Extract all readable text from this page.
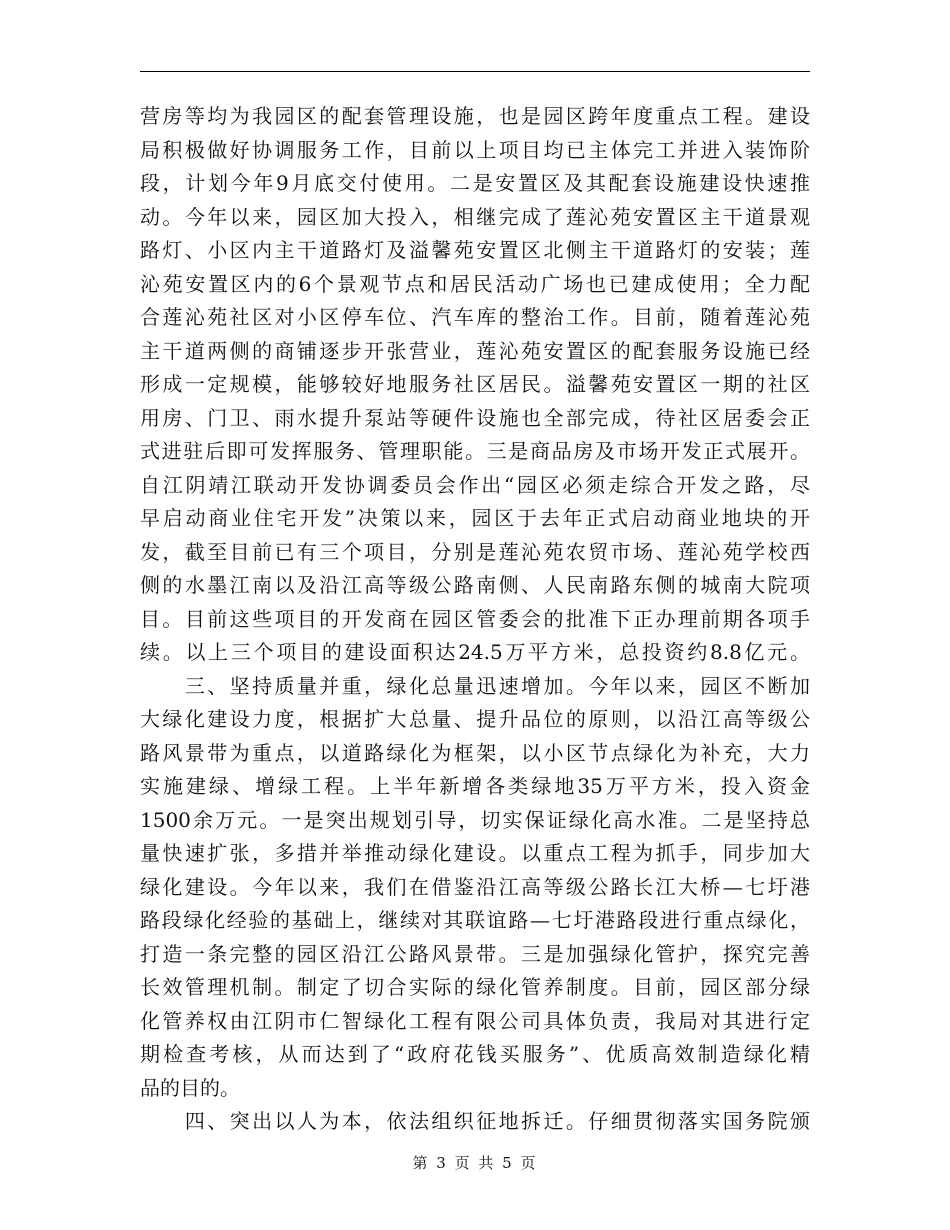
营房等均为我园区的配套管理设施，也是园区跨年度重点工程。建设
局积极做好协调服务工作，目前以上项目均已主体完工并进入装饰阶
段，计划今年9月底交付使用。二是安置区及其配套设施建设快速推
动。今年以来，园区加大投入，相继完成了莲沁苑安置区主干道景观
路灯、小区内主干道路灯及溢馨苑安置区北侧主干道路灯的安装；莲
沁苑安置区内的6个景观节点和居民活动广场也已建成使用；全力配
合莲沁苑社区对小区停车位、汽车库的整治工作。目前，随着莲沁苑
主干道两侧的商铺逐步开张营业，莲沁苑安置区的配套服务设施已经
形成一定规模，能够较好地服务社区居民。溢馨苑安置区一期的社区
用房、门卫、雨水提升泵站等硬件设施也全部完成，待社区居委会正
式进驻后即可发挥服务、管理职能。三是商品房及市场开发正式展开。
自江阴靖江联动开发协调委员会作出“园区必须走综合开发之路，尽
早启动商业住宅开发”决策以来，园区于去年正式启动商业地块的开
发，截至目前已有三个项目，分别是莲沁苑农贸市场、莲沁苑学校西
侧的水墨江南以及沿江高等级公路南侧、人民南路东侧的城南大院项
目。目前这些项目的开发商在园区管委会的批准下正办理前期各项手
续。以上三个项目的建设面积达24.5万平方米，总投资约8.8亿元。
　　三、坚持质量并重，绿化总量迅速增加。今年以来，园区不断加
大绿化建设力度，根据扩大总量、提升品位的原则，以沿江高等级公
路风景带为重点，以道路绿化为框架，以小区节点绿化为补充，大力
实施建绿、增绿工程。上半年新增各类绿地35万平方米，投入资金
1500余万元。一是突出规划引导，切实保证绿化高水准。二是坚持总
量快速扩张，多措并举推动绿化建设。以重点工程为抓手，同步加大
绿化建设。今年以来，我们在借鉴沿江高等级公路长江大桥—七圩港
路段绿化经验的基础上，继续对其联谊路—七圩港路段进行重点绿化，
打造一条完整的园区沿江公路风景带。三是加强绿化管护，探究完善
长效管理机制。制定了切合实际的绿化管养制度。目前，园区部分绿
化管养权由江阴市仁智绿化工程有限公司具体负责，我局对其进行定
期检查考核，从而达到了“政府花钱买服务”、优质高效制造绿化精
品的目的。
　　四、突出以人为本，依法组织征地拆迁。仔细贯彻落实国务院颁
第 3 页 共 5 页
